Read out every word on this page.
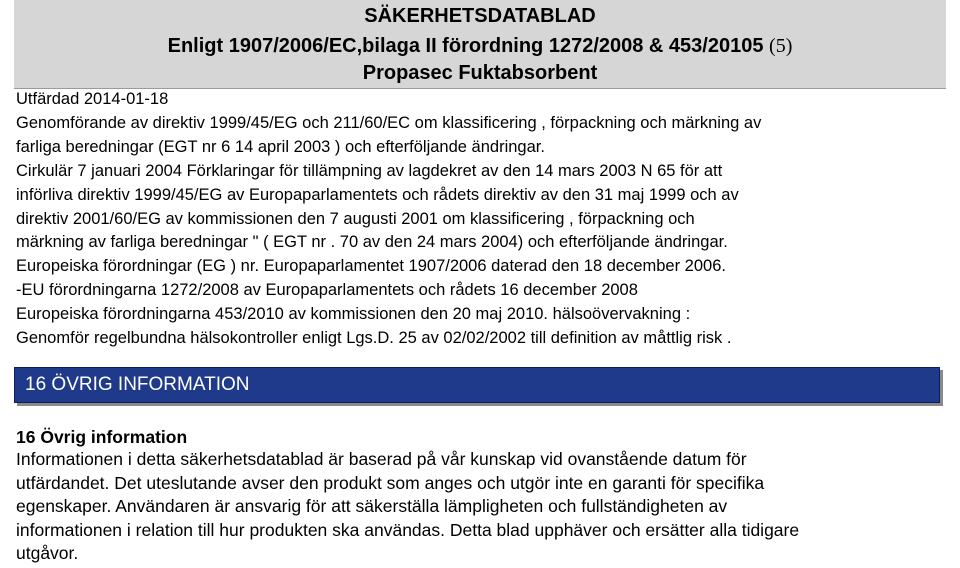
SÄKERHETSDATABLAD
Enligt 1907/2006/EC,bilaga II förordning 1272/2008 & 453/20105 (5)
Propasec Fuktabsorbent
Utfärdad 2014-01-18
Genomförande av direktiv 1999/45/EG och 211/60/EC om klassificering , förpackning och märkning av
farliga beredningar (EGT nr 6 14 april 2003 ) och efterföljande ändringar.
Cirkulär 7 januari 2004 Förklaringar för tillämpning av lagdekret av den 14 mars 2003 N 65 för att
införliva direktiv 1999/45/EG av Europaparlamentets och rådets direktiv av den 31 maj 1999 och av
direktiv 2001/60/EG av kommissionen den 7 augusti 2001 om klassificering , förpackning och
märkning av farliga beredningar " ( EGT nr . 70 av den 24 mars 2004) och efterföljande ändringar.
Europeiska förordningar (EG ) nr. Europaparlamentet 1907/2006 daterad den 18 december 2006.
-EU förordningarna 1272/2008 av Europaparlamentets och rådets 16 december 2008
Europeiska förordningarna 453/2010 av kommissionen den 20 maj 2010. hälsoövervakning :
Genomför regelbundna hälsokontroller enligt Lgs.D. 25 av 02/02/2002 till definition av måttlig risk .
16 ÖVRIG INFORMATION
16 Övrig information
Informationen i detta säkerhetsdatablad är baserad på vår kunskap vid ovanstående datum för
utfärdandet. Det uteslutande avser den produkt som anges och utgör inte en garanti för specifika
egenskaper. Användaren är ansvarig för att säkerställa lämpligheten och fullständigheten av
informationen i relation till hur produkten ska användas. Detta blad upphäver och ersätter alla tidigare
utgåvor.
